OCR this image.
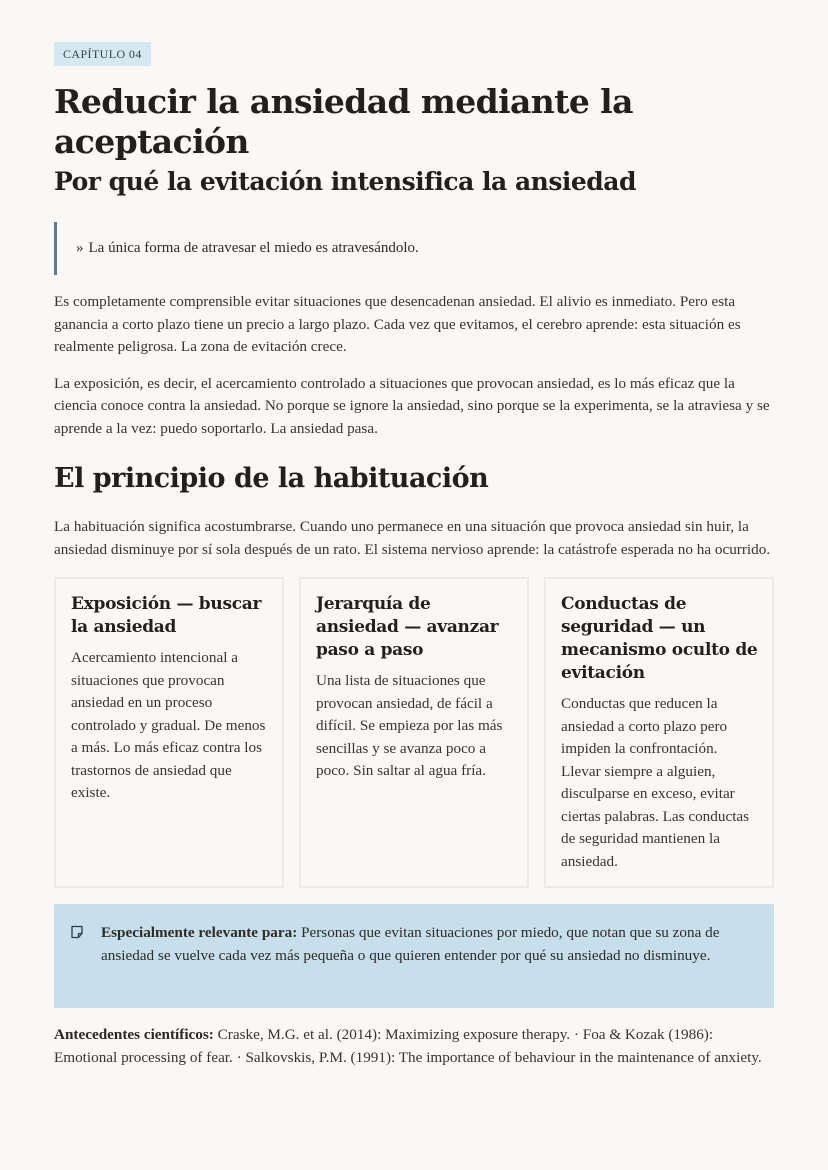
CAPÍTULO 04
Reducir la ansiedad mediante la aceptación
Por qué la evitación intensifica la ansiedad
» La única forma de atravesar el miedo es atravesándolo.

Es completamente comprensible evitar situaciones que desencadenan ansiedad. El alivio es inmediato. Pero esta ganancia a corto plazo tiene un precio a largo plazo. Cada vez que evitamos, el cerebro aprende: esta situación es realmente peligrosa. La zona de evitación crece.

La exposición, es decir, el acercamiento controlado a situaciones que provocan ansiedad, es lo más eficaz que la ciencia conoce contra la ansiedad. No porque se ignore la ansiedad, sino porque se la experimenta, se la atraviesa y se aprende a la vez: puedo soportarlo. La ansiedad pasa.

El principio de la habituación

La habituación significa acostumbrarse. Cuando uno permanece en una situación que provoca ansiedad sin huir, la ansiedad disminuye por sí sola después de un rato. El sistema nervioso aprende: la catástrofe esperada no ha ocurrido.

Exposición — buscar la ansiedad

Acercamiento intencional a situaciones que provocan ansiedad en un proceso controlado y gradual. De menos a más. Lo más eficaz contra los trastornos de ansiedad que existe.

Jerarquía de ansiedad — avanzar paso a paso

Una lista de situaciones que provocan ansiedad, de fácil a difícil. Se empieza por las más sencillas y se avanza poco a poco. Sin saltar al agua fría.

Conductas de seguridad — un mecanismo oculto de evitación

Conductas que reducen la ansiedad a corto plazo pero impiden la confrontación. Llevar siempre a alguien, disculparse en exceso, evitar ciertas palabras. Las conductas de seguridad mantienen la ansiedad.

Especialmente relevante para: Personas que evitan situaciones por miedo, que notan que su zona de ansiedad se vuelve cada vez más pequeña o que quieren entender por qué su ansiedad no disminuye.
Antecedentes científicos: Craske, M.G. et al. (2014): Maximizing exposure therapy. · Foa & Kozak (1986): Emotional processing of fear. · Salkovskis, P.M. (1991): The importance of behaviour in the maintenance of anxiety.
